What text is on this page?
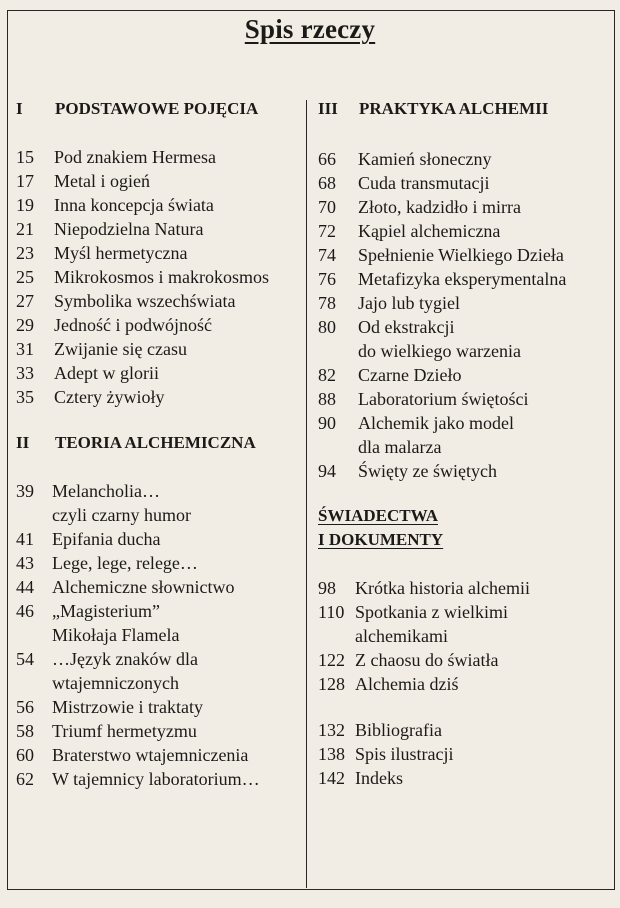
Spis rzeczy
I PODSTAWOWE POJĘCIA
15 Pod znakiem Hermesa
17 Metal i ogień
19 Inna koncepcja świata
21 Niepodzielna Natura
23 Myśl hermetyczna
25 Mikrokosmos i makrokosmos
27 Symbolika wszechświata
29 Jedność i podwójność
31 Zwijanie się czasu
33 Adept w glorii
35 Cztery żywioły
II TEORIA ALCHEMICZNA
39 Melancholia…
czyli czarny humor
41 Epifania ducha
43 Lege, lege, relege…
44 Alchemiczne słownictwo
46 „Magisterium”
Mikołaja Flamela
54 …Język znaków dla
wtajemniczonych
56 Mistrzowie i traktaty
58 Triumf hermetyzmu
60 Braterstwo wtajemniczenia
62 W tajemnicy laboratorium…
III PRAKTYKA ALCHEMII
66 Kamień słoneczny
68 Cuda transmutacji
70 Złoto, kadzidło i mirra
72 Kąpiel alchemiczna
74 Spełnienie Wielkiego Dzieła
76 Metafizyka eksperymentalna
78 Jajo lub tygiel
80 Od ekstrakcji
do wielkiego warzenia
82 Czarne Dzieło
88 Laboratorium świętości
90 Alchemik jako model
dla malarza
94 Święty ze świętych
ŚWIADECTWA
I DOKUMENTY
98 Krótka historia alchemii
110 Spotkania z wielkimi
alchemikami
122 Z chaosu do światła
128 Alchemia dziś
132 Bibliografia
138 Spis ilustracji
142 Indeks
